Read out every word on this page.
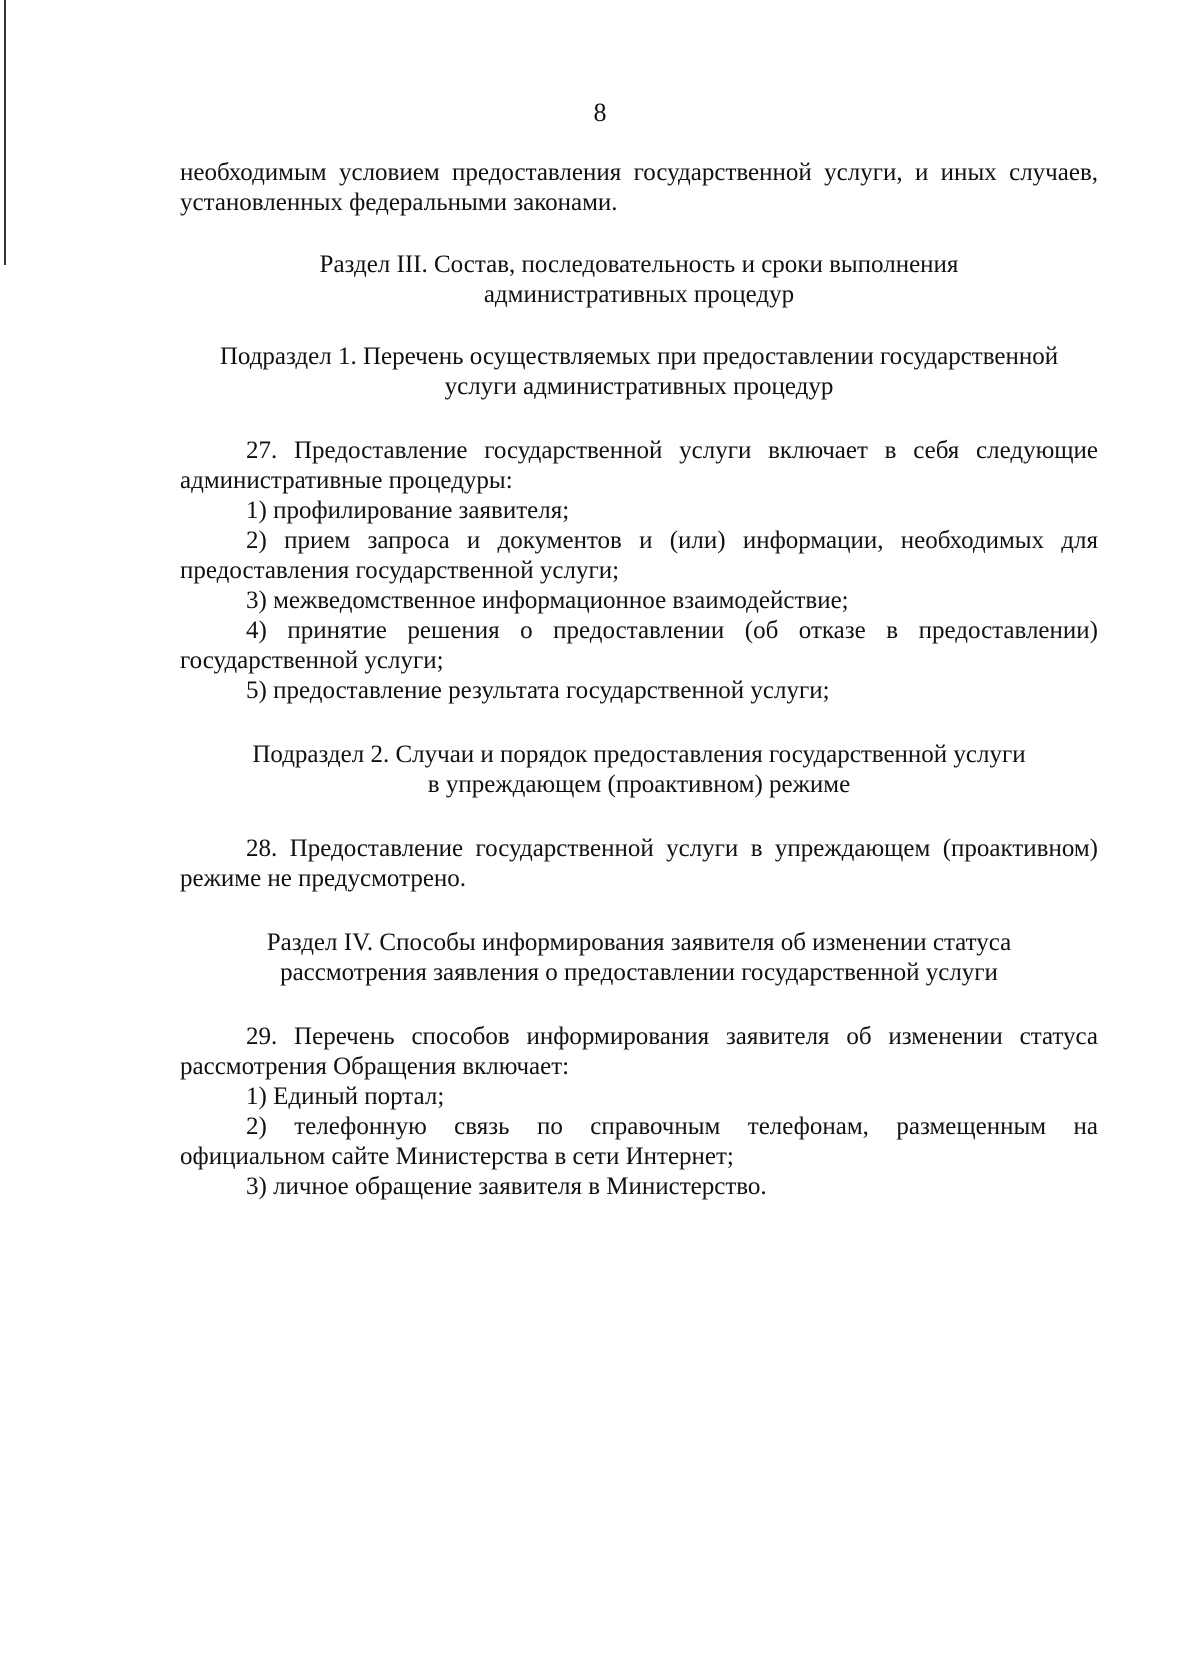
8

необходимым условием предоставления государственной услуги, и иных случаев, установленных федеральными законами.

Раздел III. Состав, последовательность и сроки выполнения

административных процедур

Подраздел 1. Перечень осуществляемых при предоставлении государственной

услуги административных процедур

27. Предоставление государственной услуги включает в себя следующие административные процедуры:

1) профилирование заявителя;

2) прием запроса и документов и (или) информации, необходимых для предоставления государственной услуги;

3) межведомственное информационное взаимодействие;

4) принятие решения о предоставлении (об отказе в предоставлении) государственной услуги;

5) предоставление результата государственной услуги;

Подраздел 2. Случаи и порядок предоставления государственной услуги

в упреждающем (проактивном) режиме

28. Предоставление государственной услуги в упреждающем (проактивном) режиме не предусмотрено.

Раздел IV. Способы информирования заявителя об изменении статуса

рассмотрения заявления о предоставлении государственной услуги

29. Перечень способов информирования заявителя об изменении статуса рассмотрения Обращения включает:

1) Единый портал;

2) телефонную связь по справочным телефонам, размещенным на официальном сайте Министерства в сети Интернет;

3) личное обращение заявителя в Министерство.
